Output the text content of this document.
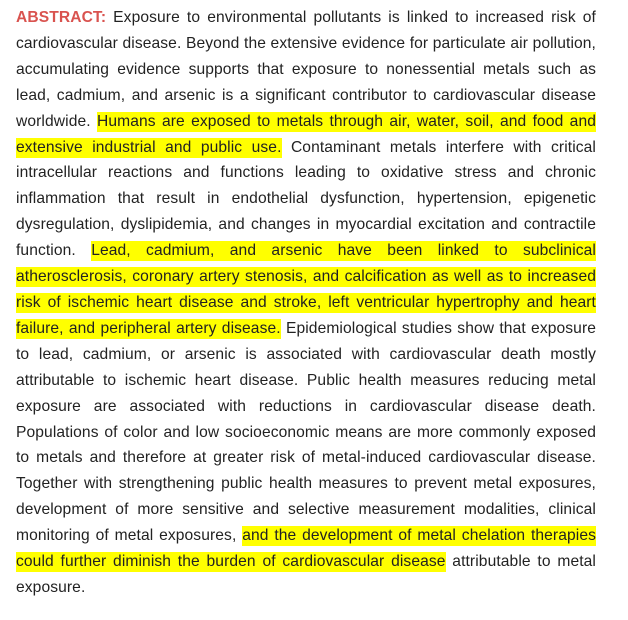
ABSTRACT: Exposure to environmental pollutants is linked to increased risk of cardiovascular disease. Beyond the extensive evidence for particulate air pollution, accumulating evidence supports that exposure to nonessential metals such as lead, cadmium, and arsenic is a significant contributor to cardiovascular disease worldwide. Humans are exposed to metals through air, water, soil, and food and extensive industrial and public use. Contaminant metals interfere with critical intracellular reactions and functions leading to oxidative stress and chronic inflammation that result in endothelial dysfunction, hypertension, epigenetic dysregulation, dyslipidemia, and changes in myocardial excitation and contractile function. Lead, cadmium, and arsenic have been linked to subclinical atherosclerosis, coronary artery stenosis, and calcification as well as to increased risk of ischemic heart disease and stroke, left ventricular hypertrophy and heart failure, and peripheral artery disease. Epidemiological studies show that exposure to lead, cadmium, or arsenic is associated with cardiovascular death mostly attributable to ischemic heart disease. Public health measures reducing metal exposure are associated with reductions in cardiovascular disease death. Populations of color and low socioeconomic means are more commonly exposed to metals and therefore at greater risk of metal-induced cardiovascular disease. Together with strengthening public health measures to prevent metal exposures, development of more sensitive and selective measurement modalities, clinical monitoring of metal exposures, and the development of metal chelation therapies could further diminish the burden of cardiovascular disease attributable to metal exposure.
